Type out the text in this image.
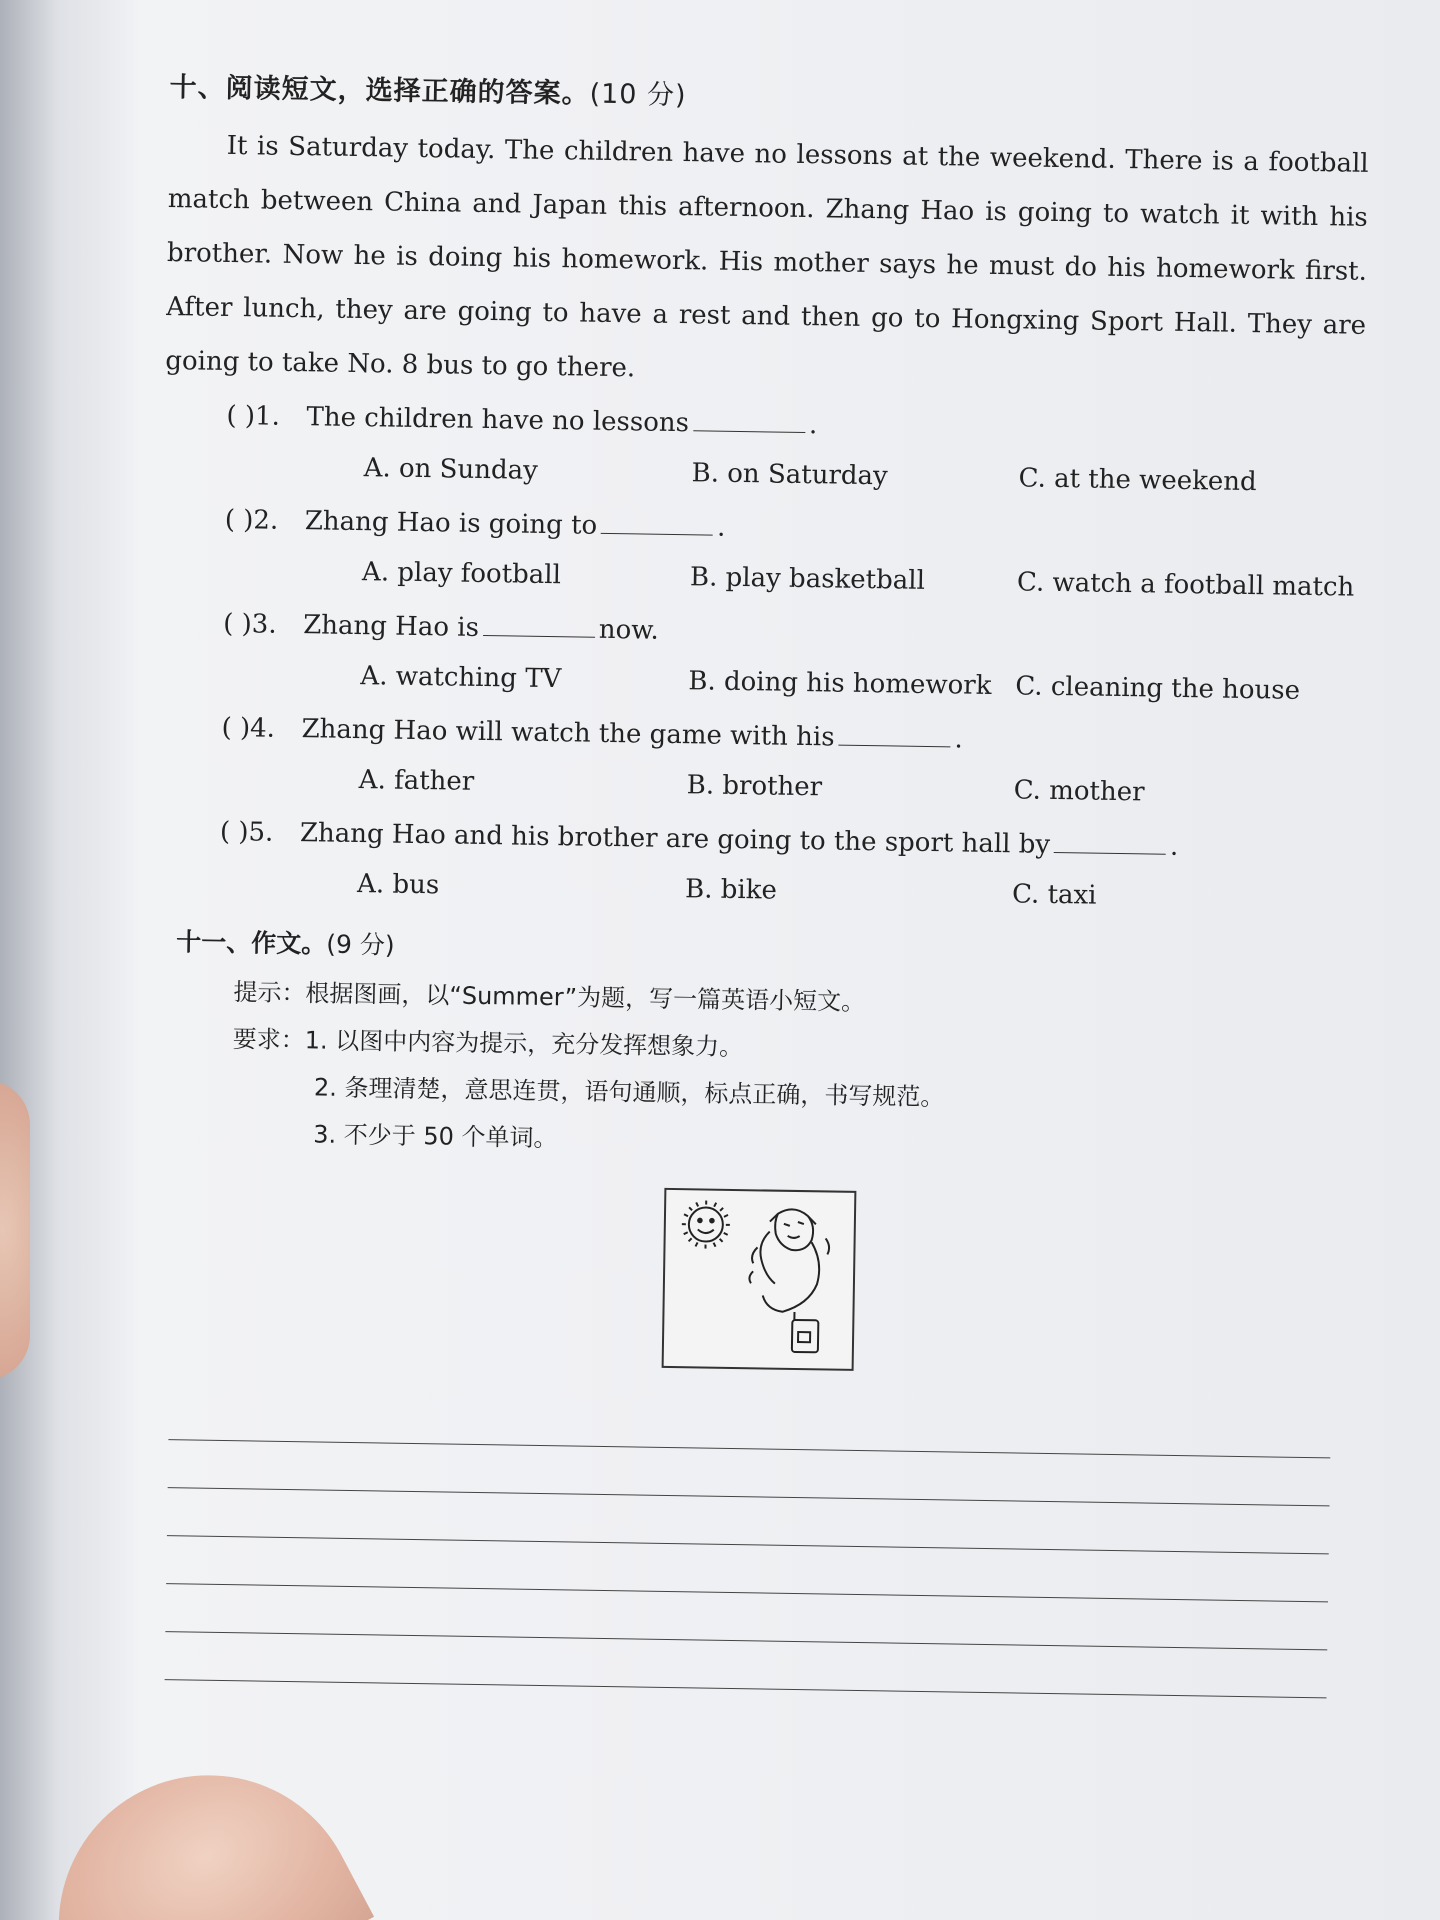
十、阅读短文，选择正确的答案。(10 分)

It is Saturday today. The children have no lessons at the weekend. There is a football match between China and Japan this afternoon. Zhang Hao is going to watch it with his brother. Now he is doing his homework. His mother says he must do his homework first. After lunch, they are going to have a rest and then go to Hongxing Sport Hall. They are going to take No. 8 bus to go there.

( )1.	The children have no lessons	.
A. on Sunday	B. on Saturday	C. at the weekend
( )2.	Zhang Hao is going to	.
A. play football	B. play basketball	C. watch a football match
( )3.	Zhang Hao is	now.
A. watching TV	B. doing his homework C. cleaning the house
( )4.	Zhang Hao will watch the game with his	.
A. father	B. brother	C. mother
( )5.	Zhang Hao and his brother are going to the sport hall by	.
A. bus	B. bike	C. taxi
十一、作文。(9 分)
提示：根据图画，以“Summer”为题，写一篇英语小短文。
要求：1. 以图中内容为提示，充分发挥想象力。
2. 条理清楚，意思连贯，语句通顺，标点正确，书写规范。
3. 不少于 50 个单词。
